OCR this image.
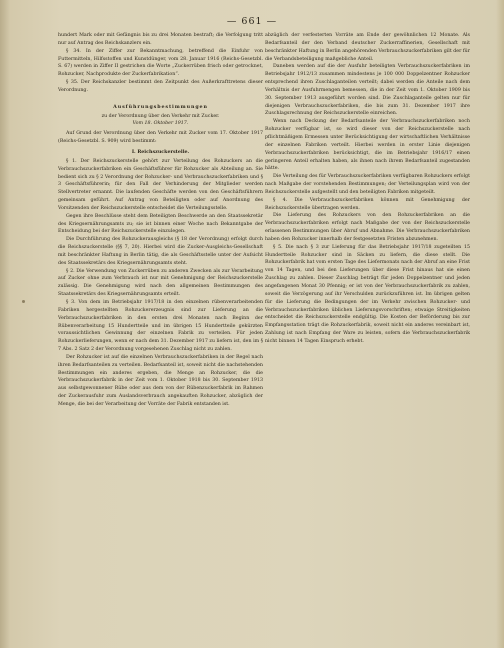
— 661 —

hundert Mark oder mit Gefängnis bis zu drei Monaten bestraft; die Verfolgung tritt nur auf Antrag des Reichskanzlers ein.

§ 34. In der Ziffer zur Bekanntmachung, betreffend die Einfuhr von Futtermitteln, Hilfsstoffen und Kunstdünger, vom 28. Januar 1916 (Reichs-Gesetzbl. S. 67) werden in Ziffer II gestrichen die Worte „Zuckerrüben frisch oder getrocknet, Rohzucker, Nachprodukte der Zuckerfabrikation“.

§ 35. Der Reichskanzler bestimmt den Zeitpunkt des Außerkrafttretens dieser Verordnung.

Ausführungsbestimmungen

zu der Verordnung über den Verkehr mit Zucker.

Vom 18. Oktober 1917.

Auf Grund der Verordnung über den Verkehr mit Zucker vom 17. Oktober 1917 (Reichs-Gesetzbl. S. 909) wird bestimmt:

I. Reichszuckerstelle.

§ 1. Der Reichszuckerstelle gehört zur Verteilung des Rohzuckers an die Verbrauchszuckerfabriken ein Geschäftsführer für Rohzucker als Abteilung an. Sie bedient sich zu § 2 Verordnung der Rohzucker- und Verbrauchszuckerfabriken und § 3 Geschäftsführerin; für den Fall der Verhinderung der Mitglieder werden Stellvertreter ernannt. Die laufenden Geschäfte werden von den Geschäftsführern gemeinsam geführt. Auf Antrag von Beteiligten oder auf Anordnung des Vorsitzenden der Reichszuckerstelle entscheidet die Verteilungsstelle.

Gegen ihre Beschlüsse steht dem Beteiligten Beschwerde an den Staatssekretär des Kriegsernährungsamts zu; sie ist binnen einer Woche nach Bekanntgabe der Entscheidung bei der Reichszuckerstelle einzulegen.

Die Durchführung des Rohzuckerausgleichs (§ 18 der Verordnung) erfolgt durch die Reichszuckerstelle (§§ 7, 20). Hierbei wird die Zucker-Ausgleichs-Gesellschaft mit beschränkter Haftung in Berlin tätig, die als Geschäftsstelle unter der Aufsicht des Staatssekretärs des Kriegsernährungsamts steht.

§ 2. Die Verwendung von Zuckerrüben zu anderen Zwecken als zur Verarbeitung auf Zucker ohne zum Verbrauch ist nur mit Genehmigung der Reichszuckerstelle zulässig. Die Genehmigung wird nach den allgemeinen Bestimmungen des Staatssekretärs des Kriegsernährungsamts erteilt.

§ 3. Von dem im Betriebsjahr 1917/18 in den einzelnen rübenverarbeitenden Fabriken hergestellten Rohzuckererzeugnis sind zur Lieferung an die Verbrauchszuckerfabriken in den ersten drei Monaten nach Beginn der Rübenverarbeitung 15 Hundertteile und im übrigen 15 Hundertteile gekürzten voraussichtlichen Gewinnung der einzelnen Fabrik zu verteilen. Für jeden Rohzuckerlieferungen, wenn er nach dem 31. Dezember 1917 zu liefern ist, den im § 7 Abs. 2 Satz 2 der Verordnung vorgesehenen Zuschlag nicht zu zahlen.

Der Rohzucker ist auf die einzelnen Verbrauchszuckerfabriken in der Regel nach ihren Bedarfsanteilen zu verteilen. Bedarfsanteil ist, soweit nicht die nachstehenden Bestimmungen ein anderes ergeben, die Menge an Rohzucker, die die Verbrauchszuckerfabrik in der Zeit vom 1. Oktober 1918 bis 30. September 1913 aus selbstgewonnener Rübe oder aus dem von der Rübenzuckerfabrik im Rahmen der Zuckerausfuhr zum Auslandsverbrauch angekauften Rohzucker, abzüglich der Menge, die bei der Verarbeitung der Vorräte der Fabrik entstanden ist.

abzüglich der verfesterten Vorräte am Ende der gewöhnlichen 12 Monate. Als Bedarfsanteil der den Verband deutscher Zuckerraffinerien, Gesellschaft mit beschränkter Haftung in Berlin angehörenden Verbrauchszuckerfabriken gilt der für die Verbandsbeteiligung maßgebliche Anteil.

Daneben werden auf die der Ausfuhr beteiligten Verbrauchszuckerfabriken im Betriebsjahr 1912/13 zusammen mindestens je 100 000 Doppelzentner Rohzucker entsprechend ihren Zuschlaganteilen verteilt; dabei werden die Anteile nach dem Verhältnis der Ausfuhrmengen bemessen, die in der Zeit vom 1. Oktober 1909 bis 30. September 1913 ausgeführt worden sind. Die Zuschlaganteile gelten nur für diejenigen Verbrauchszuckerfabriken, die bis zum 31. Dezember 1917 ihre Zuschlagsrechnung der Reichszuckerstelle einreichen.

Wenn nach Deckung der Bedarfsanteile der Verbrauchszuckerfabriken noch Rohzucker verfügbar ist, so wird dieser von der Reichszuckerstelle nach pflichtmäßigem Ermessen unter Berücksichtigung der wirtschaftlichen Verhältnisse der einzelnen Fabriken verteilt. Hierbei werden in erster Linie diejenigen Verbrauchszuckerfabriken berücksichtigt, die im Betriebsjahr 1916/17 einen geringeren Anteil erhalten haben, als ihnen nach ihrem Bedarfsanteil zugestanden hätte.

Die Verteilung des für Verbrauchszuckerfabriken verfügbaren Rohzuckers erfolgt nach Maßgabe der vorstehenden Bestimmungen; der Verteilungsplan wird von der Reichszuckerstelle aufgestellt und den beteiligten Fabriken mitgeteilt.

§ 4. Die Verbrauchszuckerfabriken können mit Genehmigung der Reichszuckerstelle übertragen werden.

Die Lieferung des Rohzuckers von den Rohzuckerfabriken an die Verbrauchszuckerfabriken erfolgt nach Maßgabe der von der Reichszuckerstelle erlassenen Bestimmungen über Abruf und Abnahme. Die Verbrauchszuckerfabriken haben den Rohzucker innerhalb der festgesetzten Fristen abzunehmen.

§ 5. Die nach § 3 zur Lieferung für das Betriebsjahr 1917/18 zugeteilten 15 Hundertteile Rohzucker sind in Säcken zu liefern, die diese stellt. Die Rohzuckerfabrik hat vom ersten Tage des Liefermonats nach der Abruf an eine Frist von 14 Tagen, und bei den Lieferungen über diese Frist hinaus hat sie einen Zuschlag zu zahlen. Dieser Zuschlag beträgt für jeden Doppelzentner und jeden angefangenen Monat 30 Pfennig; er ist von der Verbrauchszuckerfabrik zu zahlen, soweit die Verzögerung auf ihr Verschulden zurückzuführen ist. Im übrigen gelten für die Lieferung die Bedingungen der im Verkehr zwischen Rohzucker- und Verbrauchszuckerfabriken üblichen Lieferungsvorschriften; etwaige Streitigkeiten entscheidet die Reichszuckerstelle endgültig. Die Kosten der Beförderung bis zur Empfangsstation trägt die Rohzuckerfabrik, soweit nicht ein anderes vereinbart ist, Zahlung ist nach Empfang der Ware zu leisten, sofern die Verbrauchszuckerfabrik nicht binnen 14 Tagen Einspruch erhebt.
